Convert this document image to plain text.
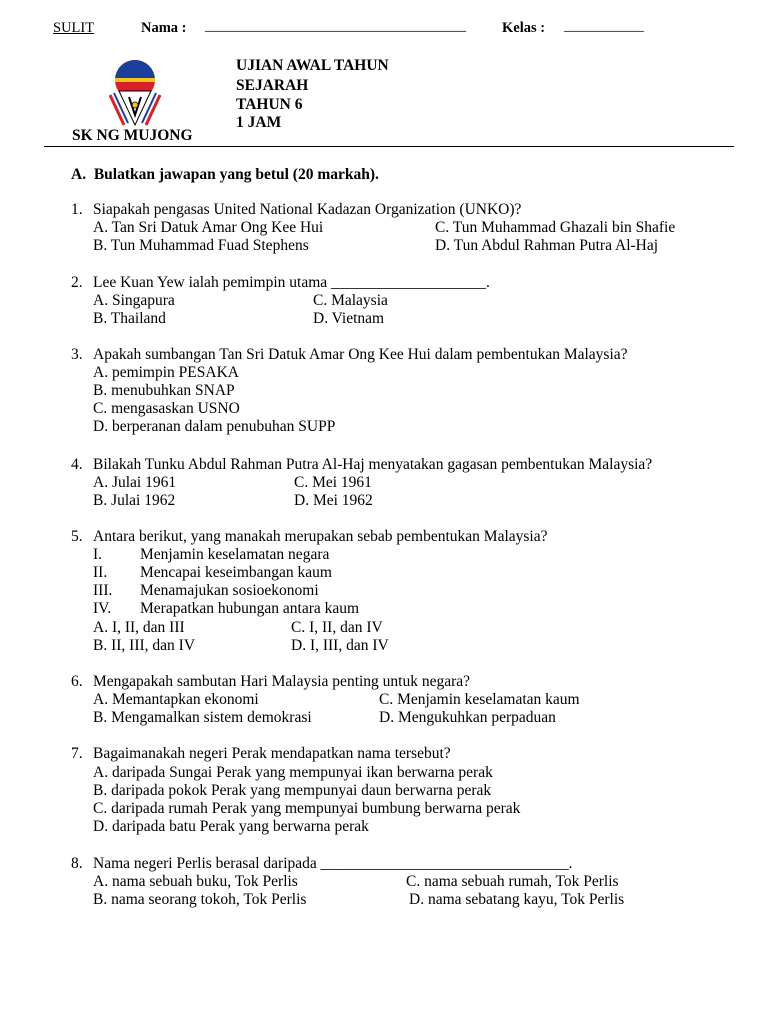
SULIT	Nama : ____________________________________ Kelas : ___________
UJIAN AWAL TAHUN
SEJARAH
TAHUN 6
1 JAM
SK NG MUJONG
A. Bulatkan jawapan yang betul (20 markah).
1. Siapakah pengasas United National Kadazan Organization (UNKO)?
A. Tan Sri Datuk Amar Ong Kee Hui
B. Tun Muhammad Fuad Stephens
C. Tun Muhammad Ghazali bin Shafie
D. Tun Abdul Rahman Putra Al-Haj
2. Lee Kuan Yew ialah pemimpin utama ____________________.
A. Singapura
B. Thailand
C. Malaysia
D. Vietnam
3. Apakah sumbangan Tan Sri Datuk Amar Ong Kee Hui dalam pembentukan Malaysia?
A. pemimpin PESAKA
B. menubuhkan SNAP
C. mengasaskan USNO
D. berperanan dalam penubuhan SUPP
4. Bilakah Tunku Abdul Rahman Putra Al-Haj menyatakan gagasan pembentukan Malaysia?
A. Julai 1961
B. Julai 1962
C. Mei 1961
D. Mei 1962
5. Antara berikut, yang manakah merupakan sebab pembentukan Malaysia?
I. Menjamin keselamatan negara
II. Mencapai keseimbangan kaum
III. Menamajukan sosioekonomi
IV. Merapatkan hubungan antara kaum
A. I, II, dan III
B. II, III, dan IV
C. I, II, dan IV
D. I, III, dan IV
6. Mengapakah sambutan Hari Malaysia penting untuk negara?
A. Memantapkan ekonomi
B. Mengamalkan sistem demokrasi
C. Menjamin keselamatan kaum
D. Mengukuhkan perpaduan
7. Bagaimanakah negeri Perak mendapatkan nama tersebut?
A. daripada Sungai Perak yang mempunyai ikan berwarna perak
B. daripada pokok Perak yang mempunyai daun berwarna perak
C. daripada rumah Perak yang mempunyai bumbung berwarna perak
D. daripada batu Perak yang berwarna perak
8. Nama negeri Perlis berasal daripada ________________________________.
A. nama sebuah buku, Tok Perlis
B. nama seorang tokoh, Tok Perlis
C. nama sebuah rumah, Tok Perlis
D. nama sebatang kayu, Tok Perlis
